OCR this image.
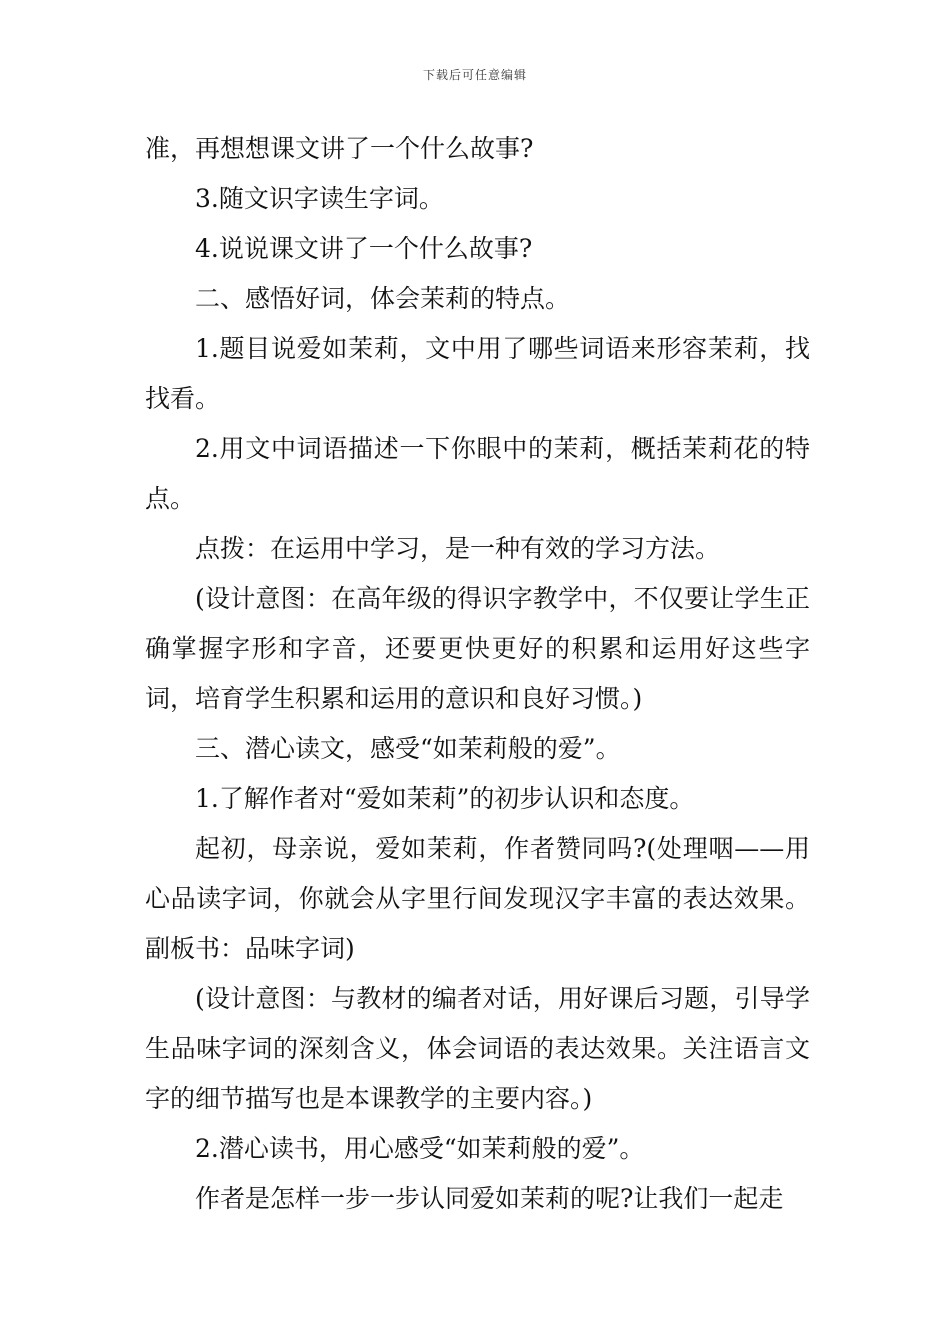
下载后可任意编辑

准，再想想课文讲了一个什么故事?

3.随文识字读生字词。

4.说说课文讲了一个什么故事?

二、感悟好词，体会茉莉的特点。

1.题目说爱如茉莉，文中用了哪些词语来形容茉莉，找找看。

2.用文中词语描述一下你眼中的茉莉，概括茉莉花的特点。

点拨：在运用中学习，是一种有效的学习方法。

(设计意图：在高年级的得识字教学中，不仅要让学生正确掌握字形和字音，还要更快更好的积累和运用好这些字词，培育学生积累和运用的意识和良好习惯。)

三、潜心读文，感受“如茉莉般的爱”。

1.了解作者对“爱如茉莉”的初步认识和态度。

起初，母亲说，爱如茉莉，作者赞同吗?(处理咽——用心品读字词，你就会从字里行间发现汉字丰富的表达效果。副板书：品味字词)

(设计意图：与教材的编者对话，用好课后习题，引导学生品味字词的深刻含义，体会词语的表达效果。关注语言文字的细节描写也是本课教学的主要内容。)

2.潜心读书，用心感受“如茉莉般的爱”。

作者是怎样一步一步认同爱如茉莉的呢?让我们一起走
